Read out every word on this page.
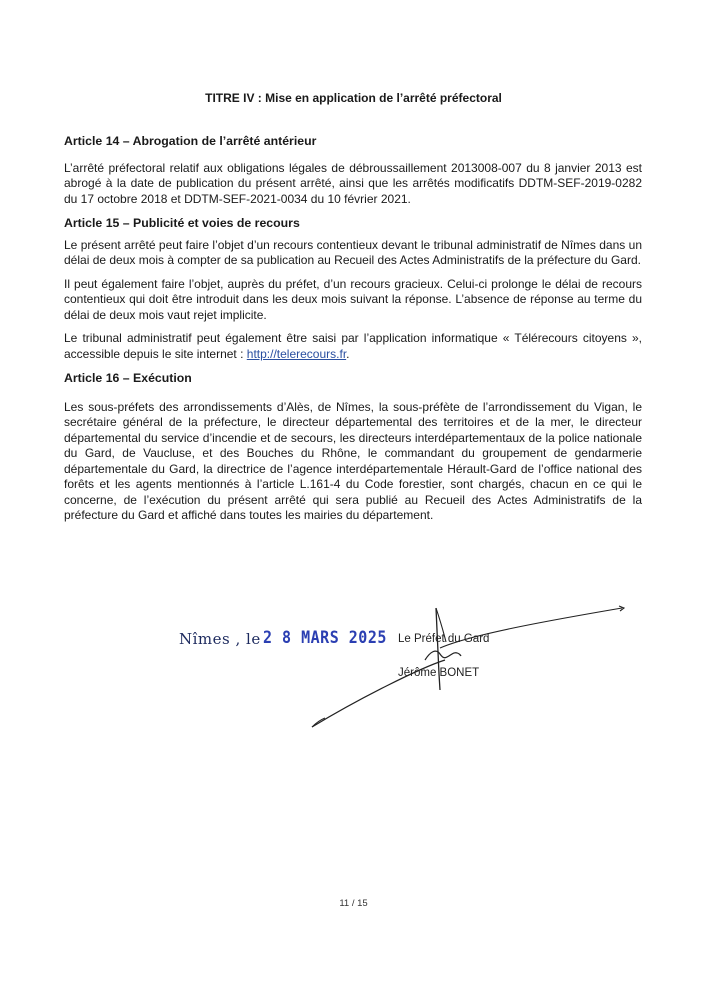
TITRE IV : Mise en application de l’arrêté préfectoral
Article 14 – Abrogation de l’arrêté antérieur

L’arrêté préfectoral relatif aux obligations légales de débroussaillement 2013008-007 du 8 janvier 2013 est abrogé à la date de publication du présent arrêté, ainsi que les arrêtés modificatifs DDTM-SEF-2019-0282 du 17 octobre 2018 et DDTM-SEF-2021-0034 du 10 février 2021.

Article 15 – Publicité et voies de recours

Le présent arrêté peut faire l’objet d’un recours contentieux devant le tribunal administratif de Nîmes dans un délai de deux mois à compter de sa publication au Recueil des Actes Administratifs de la préfecture du Gard.

Il peut également faire l’objet, auprès du préfet, d’un recours gracieux. Celui-ci prolonge le délai de recours contentieux qui doit être introduit dans les deux mois suivant la réponse. L’absence de réponse au terme du délai de deux mois vaut rejet implicite.

Le tribunal administratif peut également être saisi par l’application informatique « Télérecours citoyens », accessible depuis le site internet : http://telerecours.fr.

Article 16 – Exécution

Les sous-préfets des arrondissements d’Alès, de Nîmes, la sous-préfète de l’arrondissement du Vigan, le secrétaire général de la préfecture, le directeur départemental des territoires et de la mer, le directeur départemental du service d’incendie et de secours, les directeurs interdépartementaux de la police nationale du Gard, de Vaucluse, et des Bouches du Rhône, le commandant du groupement de gendarmerie départementale du Gard, la directrice de l’agence interdépartementale Hérault-Gard de l’office national des forêts et les agents mentionnés à l’article L.161-4 du Code forestier, sont chargés, chacun en ce qui le concerne, de l’exécution du présent arrêté qui sera publié au Recueil des Actes Administratifs de la préfecture du Gard et affiché dans toutes les mairies du département.

Nîmes , le 2 8 MARS 2025 Le Préfet du Gard
Jérôme BONET
11 / 15
